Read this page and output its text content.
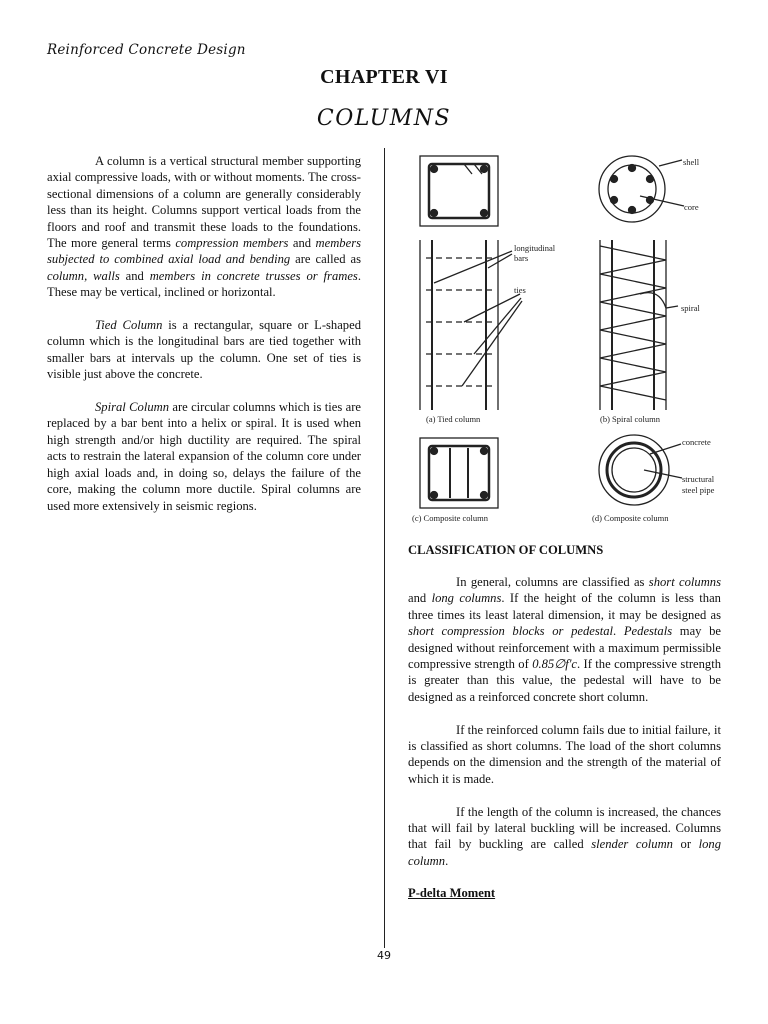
Reinforced Concrete Design
CHAPTER VI
COLUMNS

A column is a vertical structural member supporting axial compressive loads, with or without moments. The cross-sectional dimensions of a column are generally considerably less than its height. Columns support vertical loads from the floors and roof and transmit these loads to the foundations. The more general terms compression members and members subjected to combined axial load and bending are called as column, walls and members in concrete trusses or frames. These may be vertical, inclined or horizontal.

Tied Column is a rectangular, square or L-shaped column which is the longitudinal bars are tied together with smaller bars at intervals up the column. One set of ties is visible just above the concrete.

Spiral Column are circular columns which is ties are replaced by a bar bent into a helix or spiral. It is used when high strength and/or high ductility are required. The spiral acts to restrain the lateral expansion of the column core under high axial loads and, in doing so, delays the failure of the core, making the column more ductile. Spiral columns are used more extensively in seismic regions.

shell
core
longitudinal
bars
ties
spiral
(a) Tied column	(b) Spiral column
concrete
structural
steel pipe
(c) Composite column	(d) Composite column

CLASSIFICATION OF COLUMNS

In general, columns are classified as short columns and long columns. If the height of the column is less than three times its least lateral dimension, it may be designed as short compression blocks or pedestal. Pedestals may be designed without reinforcement with a maximum permissible compressive strength of 0.85∅f'c. If the compressive strength is greater than this value, the pedestal will have to be designed as a reinforced concrete short column.

If the reinforced column fails due to initial failure, it is classified as short columns. The load of the short columns depends on the dimension and the strength of the material of which it is made.

If the length of the column is increased, the chances that will fail by lateral buckling will be increased. Columns that fail by buckling are called slender column or long column.

P-delta Moment

49
